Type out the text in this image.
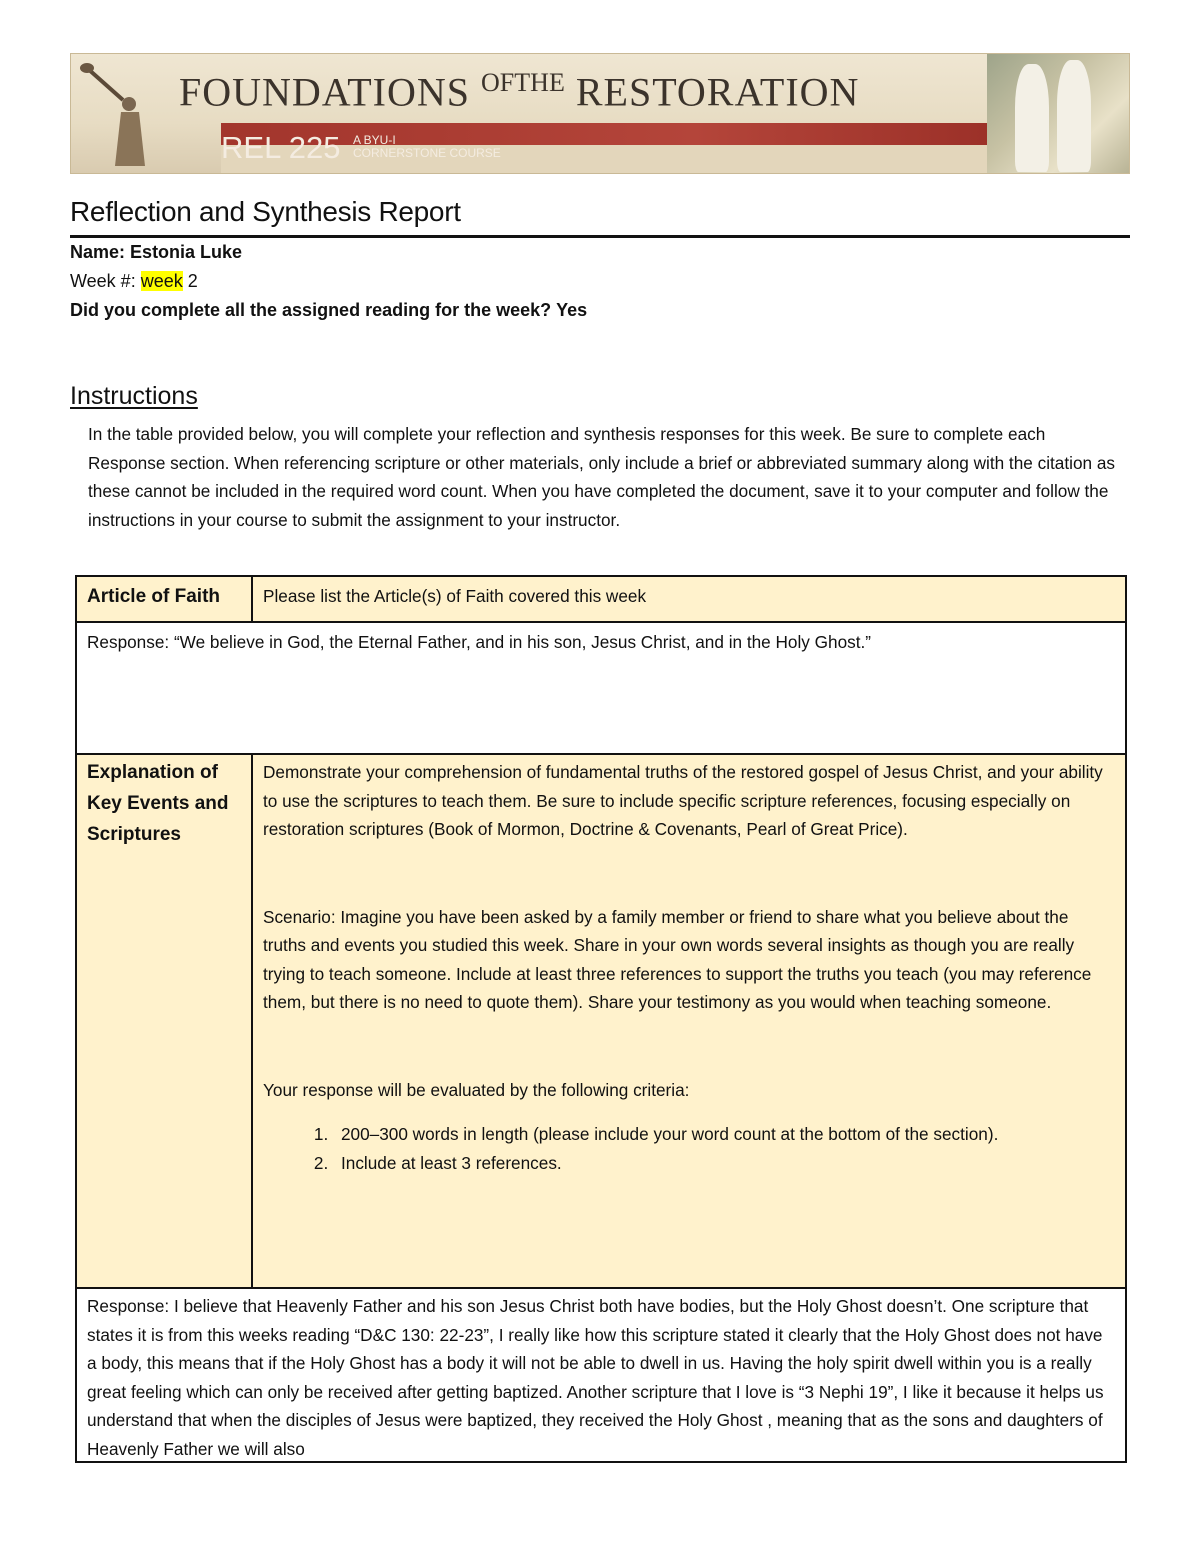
FOUNDATIONS $^{OFTHE}$ RESTORATION
REL 225 A BYU-I
CORNERSTONE COURSE
Reflection and Synthesis Report
Name: Estonia Luke
Week #: week 2
Did you complete all the assigned reading for the week? Yes
Instructions
In the table provided below, you will complete your reflection and synthesis responses for this week. Be sure to complete each Response section. When referencing scripture or other materials, only include a brief or abbreviated summary along with the citation as these cannot be included in the required word count. When you have completed the document, save it to your computer and follow the instructions in your course to submit the assignment to your instructor.
Article of Faith	Please list the Article(s) of Faith covered this week
Response: “We believe in God, the Eternal Father, and in his son, Jesus Christ, and in the Holy Ghost.”
Explanation of Key Events and Scriptures
Demonstrate your comprehension of fundamental truths of the restored gospel of Jesus Christ, and your ability to use the scriptures to teach them. Be sure to include specific scripture references, focusing especially on restoration scriptures (Book of Mormon, Doctrine & Covenants, Pearl of Great Price).
Scenario: Imagine you have been asked by a family member or friend to share what you believe about the truths and events you studied this week. Share in your own words several insights as though you are really trying to teach someone. Include at least three references to support the truths you teach (you may reference them, but there is no need to quote them). Share your testimony as you would when teaching someone.
Your response will be evaluated by the following criteria:
1. 200–300 words in length (please include your word count at the bottom of the section).
2. Include at least 3 references.
Response: I believe that Heavenly Father and his son Jesus Christ both have bodies, but the Holy Ghost doesn’t. One scripture that states it is from this weeks reading “D&C 130: 22-23”, I really like how this scripture stated it clearly that the Holy Ghost does not have a body, this means that if the Holy Ghost has a body it will not be able to dwell in us. Having the holy spirit dwell within you is a really great feeling which can only be received after getting baptized. Another scripture that I love is “3 Nephi 19”, I like it because it helps us understand that when the disciples of Jesus were baptized, they received the Holy Ghost , meaning that as the sons and daughters of Heavenly Father we will also
